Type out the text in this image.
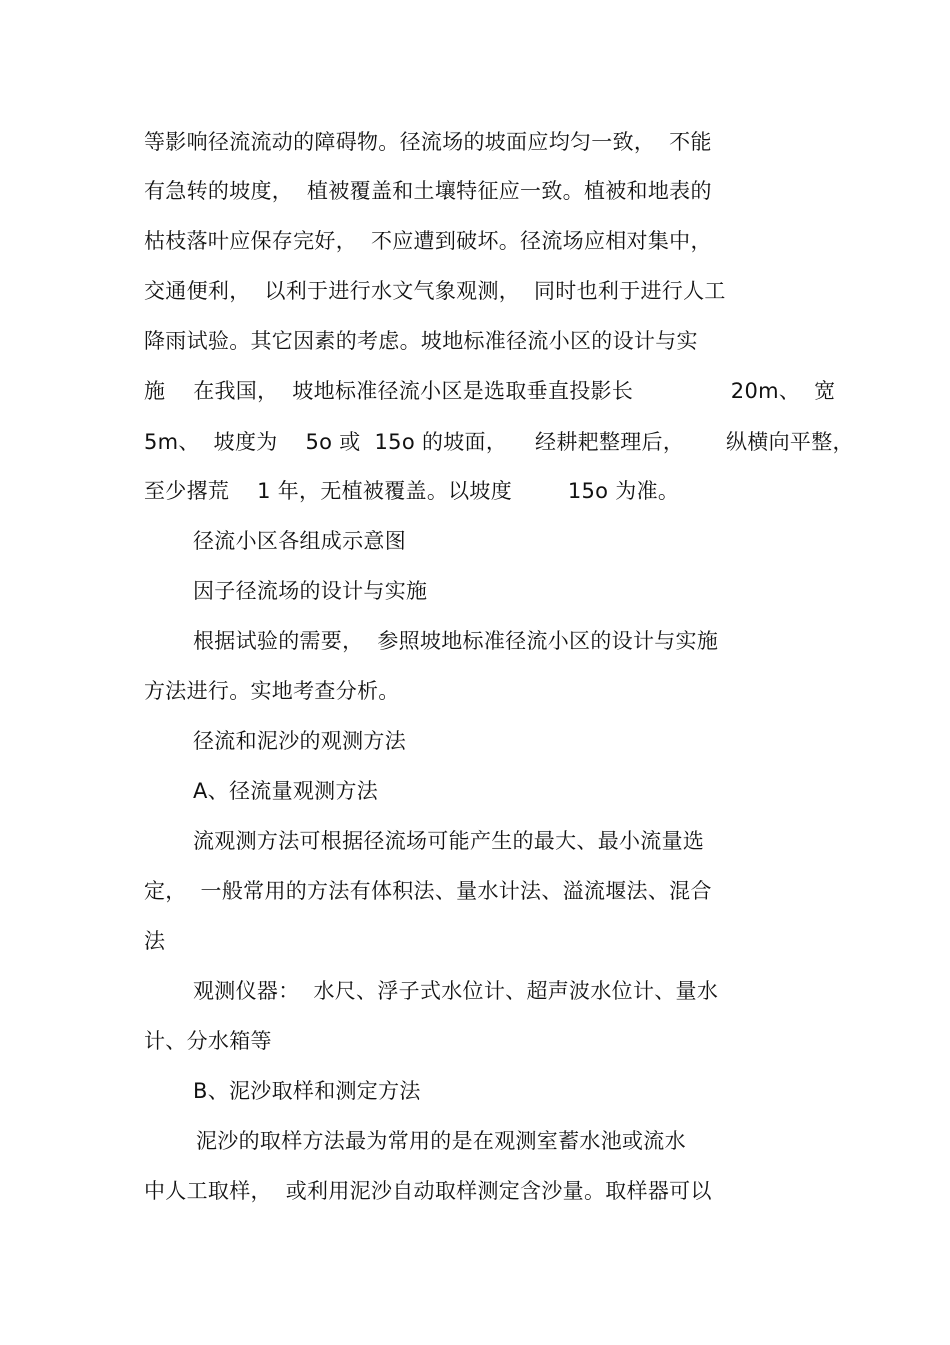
等影响径流流动的障碍物。径流场的坡面应均匀一致，  不能
有急转的坡度，  植被覆盖和土壤特征应一致。植被和地表的
枯枝落叶应保存完好，  不应遭到破坏。径流场应相对集中，
交通便利，  以利于进行水文气象观测，  同时也利于进行人工
降雨试验。其它因素的考虑。坡地标准径流小区的设计与实
施    在我国，  坡地标准径流小区是选取垂直投影长              20m、  宽
5m、  坡度为    5o 或  15o 的坡面，    经耕耙整理后，      纵横向平整，
至少撂荒    1 年，无植被覆盖。以坡度        15o 为准。
径流小区各组成示意图
因子径流场的设计与实施
根据试验的需要，  参照坡地标准径流小区的设计与实施
方法进行。实地考查分析。
径流和泥沙的观测方法
A、径流量观测方法
流观测方法可根据径流场可能产生的最大、最小流量选
定，  一般常用的方法有体积法、量水计法、溢流堰法、混合
法
观测仪器：  水尺、浮子式水位计、超声波水位计、量水
计、分水箱等
B、泥沙取样和测定方法
泥沙的取样方法最为常用的是在观测室蓄水池或流水
中人工取样，  或利用泥沙自动取样测定含沙量。取样器可以
